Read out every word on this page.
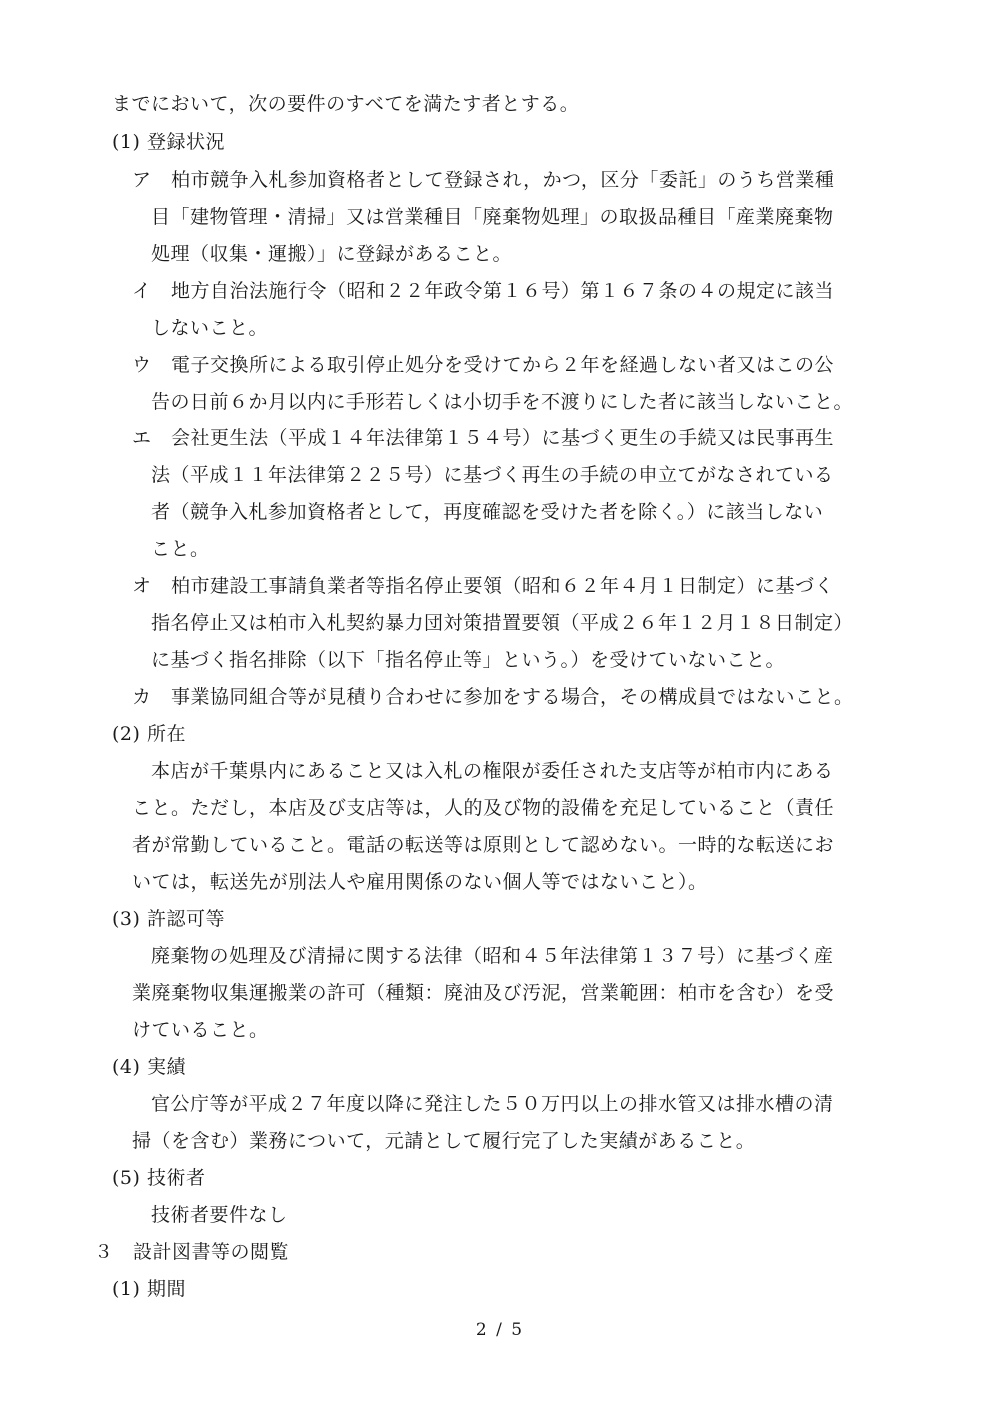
までにおいて，次の要件のすべてを満たす者とする。
(1) 登録状況
ア　柏市競争入札参加資格者として登録され，かつ，区分「委託」のうち営業種
目「建物管理・清掃」又は営業種目「廃棄物処理」の取扱品種目「産業廃棄物
処理（収集・運搬）」に登録があること。
イ　地方自治法施行令（昭和２２年政令第１６号）第１６７条の４の規定に該当
しないこと。
ウ　電子交換所による取引停止処分を受けてから２年を経過しない者又はこの公
告の日前６か月以内に手形若しくは小切手を不渡りにした者に該当しないこと。
エ　会社更生法（平成１４年法律第１５４号）に基づく更生の手続又は民事再生
法（平成１１年法律第２２５号）に基づく再生の手続の申立てがなされている
者（競争入札参加資格者として，再度確認を受けた者を除く。）に該当しない
こと。
オ　柏市建設工事請負業者等指名停止要領（昭和６２年４月１日制定）に基づく
指名停止又は柏市入札契約暴力団対策措置要領（平成２６年１２月１８日制定）
に基づく指名排除（以下「指名停止等」という。）を受けていないこと。
カ　事業協同組合等が見積り合わせに参加をする場合，その構成員ではないこと。
(2) 所在
本店が千葉県内にあること又は入札の権限が委任された支店等が柏市内にある
こと。ただし，本店及び支店等は，人的及び物的設備を充足していること（責任
者が常勤していること。電話の転送等は原則として認めない。一時的な転送にお
いては，転送先が別法人や雇用関係のない個人等ではないこと）。
(3) 許認可等
廃棄物の処理及び清掃に関する法律（昭和４５年法律第１３７号）に基づく産
業廃棄物収集運搬業の許可（種類：廃油及び汚泥，営業範囲：柏市を含む）を受
けていること。
(4) 実績
官公庁等が平成２７年度以降に発注した５０万円以上の排水管又は排水槽の清
掃（を含む）業務について，元請として履行完了した実績があること。
(5) 技術者
技術者要件なし
３　設計図書等の閲覧
(1) 期間
2 / 5
